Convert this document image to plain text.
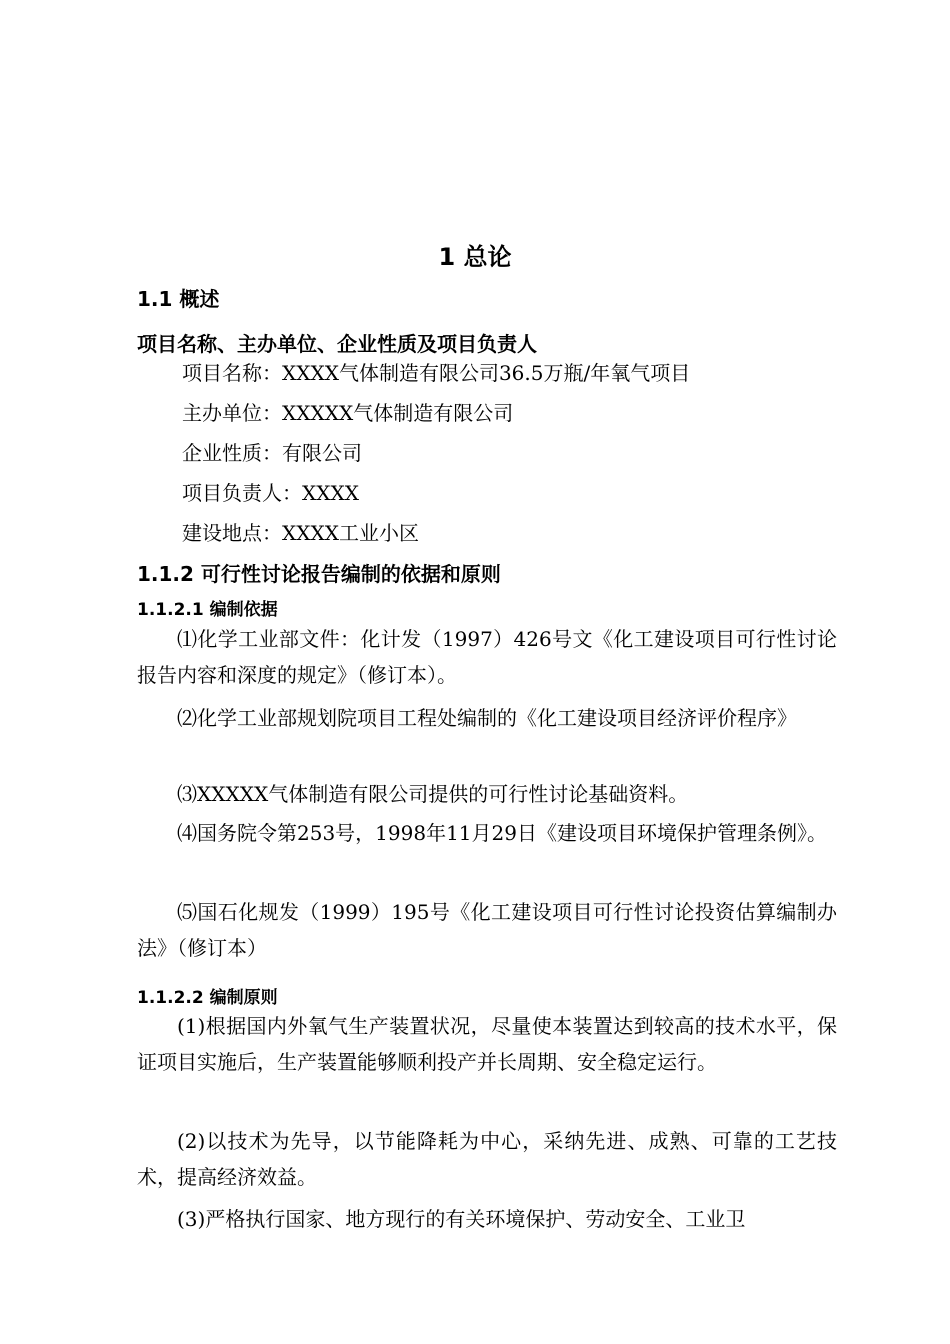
1 总论
1.1 概述
项目名称、主办单位、企业性质及项目负责人
项目名称：XXXX气体制造有限公司36.5万瓶/年氧气项目
主办单位：XXXXX气体制造有限公司
企业性质：有限公司
项目负责人：XXXX
建设地点：XXXX工业小区
1.1.2 可行性讨论报告编制的依据和原则
1.1.2.1 编制依据

⑴化学工业部文件：化计发（1997）426号文《化工建设项目可行性讨论报告内容和深度的规定》（修订本）。

⑵化学工业部规划院项目工程处编制的《化工建设项目经济评价程序》

⑶XXXXX气体制造有限公司提供的可行性讨论基础资料。

⑷国务院令第253号，1998年11月29日《建设项目环境保护管理条例》。

⑸国石化规发（1999）195号《化工建设项目可行性讨论投资估算编制办法》（修订本）

1.1.2.2 编制原则

(1)根据国内外氧气生产装置状况，尽量使本装置达到较高的技术水平，保证项目实施后，生产装置能够顺利投产并长周期、安全稳定运行。

(2)以技术为先导，以节能降耗为中心，采纳先进、成熟、可靠的工艺技术，提高经济效益。

(3)严格执行国家、地方现行的有关环境保护、劳动安全、工业卫
